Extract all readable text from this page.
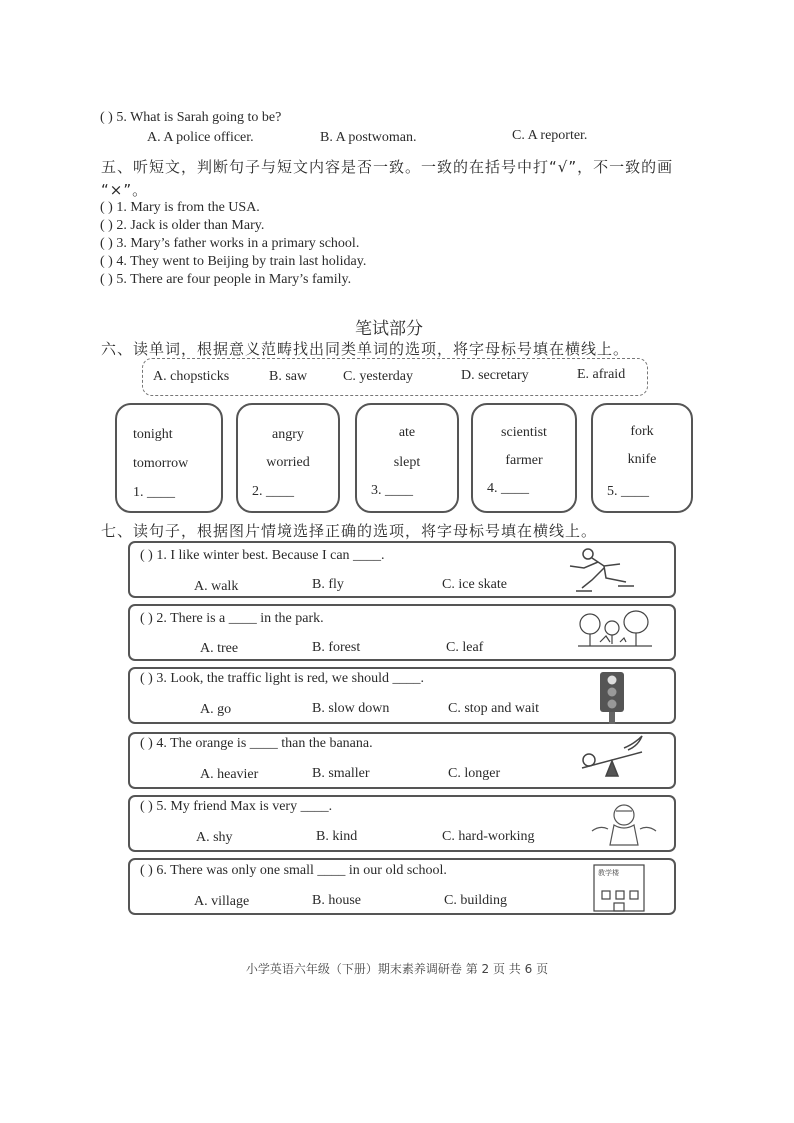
( ) 5. What is Sarah going to be?
A. A police officer.	B. A postwoman.	C. A reporter.
五、听短文，判断句子与短文内容是否一致。一致的在括号中打“√”，不一致的画
“×”。
( ) 1. Mary is from the USA.
( ) 2. Jack is older than Mary.
( ) 3. Mary’s father works in a primary school.
( ) 4. They went to Beijing by train last holiday.
( ) 5. There are four people in Mary’s family.
笔试部分
六、读单词，根据意义范畴找出同类单词的选项，将字母标号填在横线上。
A. chopsticks	B. saw	C. yesterday	D. secretary	E. afraid
tonight
tomorrow
1. ____
angry
worried
2. ____
ate
slept
3. ____
scientist
farmer
4. ____
fork
knife
5. ____
七、读句子，根据图片情境选择正确的选项，将字母标号填在横线上。
( ) 1. I like winter best. Because I can ____.
A. walk	B. fly	C. ice skate
( ) 2. There is a ____ in the park.
A. tree	B. forest	C. leaf
( ) 3. Look, the traffic light is red, we should ____.
A. go	B. slow down	C. stop and wait
( ) 4. The orange is ____ than the banana.
A. heavier	B. smaller	C. longer
( ) 5. My friend Max is very ____.
A. shy	B. kind	C. hard-working
( ) 6. There was only one small ____ in our old school.
A. village	B. house	C. building
教学楼
小学英语六年级（下册）期末素养调研卷 第 2 页 共 6 页
